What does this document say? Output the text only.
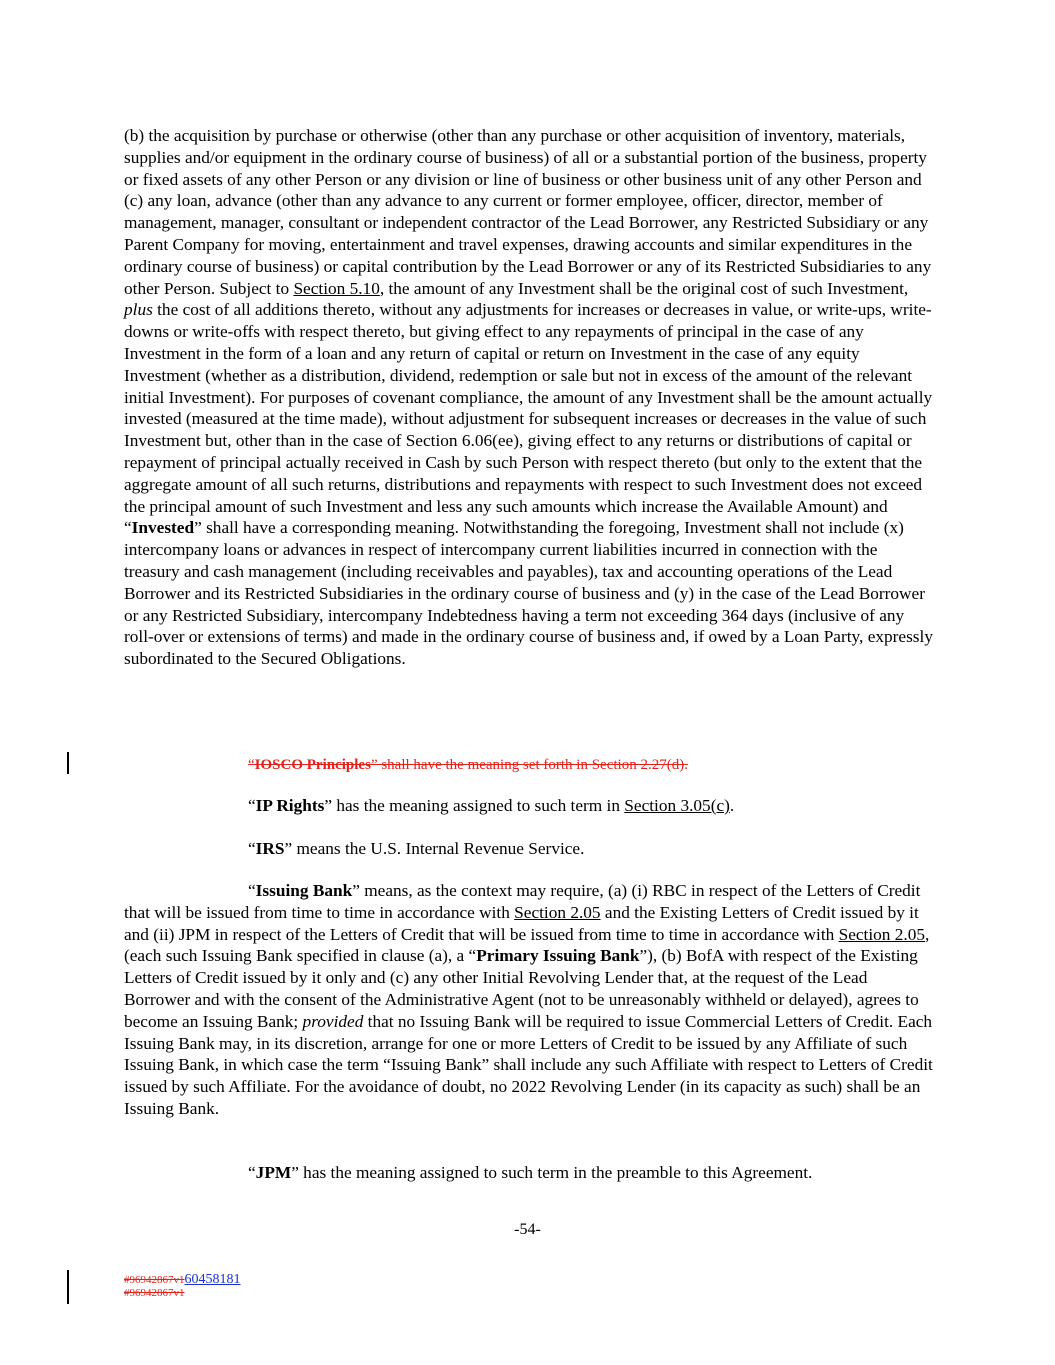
(b) the acquisition by purchase or otherwise (other than any purchase or other acquisition of inventory, materials, supplies and/or equipment in the ordinary course of business) of all or a substantial portion of the business, property or fixed assets of any other Person or any division or line of business or other business unit of any other Person and (c) any loan, advance (other than any advance to any current or former employee, officer, director, member of management, manager, consultant or independent contractor of the Lead Borrower, any Restricted Subsidiary or any Parent Company for moving, entertainment and travel expenses, drawing accounts and similar expenditures in the ordinary course of business) or capital contribution by the Lead Borrower or any of its Restricted Subsidiaries to any other Person. Subject to Section 5.10, the amount of any Investment shall be the original cost of such Investment, plus the cost of all additions thereto, without any adjustments for increases or decreases in value, or write-ups, write-downs or write-offs with respect thereto, but giving effect to any repayments of principal in the case of any Investment in the form of a loan and any return of capital or return on Investment in the case of any equity Investment (whether as a distribution, dividend, redemption or sale but not in excess of the amount of the relevant initial Investment). For purposes of covenant compliance, the amount of any Investment shall be the amount actually invested (measured at the time made), without adjustment for subsequent increases or decreases in the value of such Investment but, other than in the case of Section 6.06(ee), giving effect to any returns or distributions of capital or repayment of principal actually received in Cash by such Person with respect thereto (but only to the extent that the aggregate amount of all such returns, distributions and repayments with respect to such Investment does not exceed the principal amount of such Investment and less any such amounts which increase the Available Amount) and “Invested” shall have a corresponding meaning. Notwithstanding the foregoing, Investment shall not include (x) intercompany loans or advances in respect of intercompany current liabilities incurred in connection with the treasury and cash management (including receivables and payables), tax and accounting operations of the Lead Borrower and its Restricted Subsidiaries in the ordinary course of business and (y) in the case of the Lead Borrower or any Restricted Subsidiary, intercompany Indebtedness having a term not exceeding 364 days (inclusive of any roll-over or extensions of terms) and made in the ordinary course of business and, if owed by a Loan Party, expressly subordinated to the Secured Obligations.
“IOSCO Principles” shall have the meaning set forth in Section 2.27(d).
“IP Rights” has the meaning assigned to such term in Section 3.05(c).
“IRS” means the U.S. Internal Revenue Service.
“Issuing Bank” means, as the context may require, (a) (i) RBC in respect of the Letters of Credit that will be issued from time to time in accordance with Section 2.05 and the Existing Letters of Credit issued by it and (ii) JPM in respect of the Letters of Credit that will be issued from time to time in accordance with Section 2.05, (each such Issuing Bank specified in clause (a), a “Primary Issuing Bank”), (b) BofA with respect of the Existing Letters of Credit issued by it only and (c) any other Initial Revolving Lender that, at the request of the Lead Borrower and with the consent of the Administrative Agent (not to be unreasonably withheld or delayed), agrees to become an Issuing Bank; provided that no Issuing Bank will be required to issue Commercial Letters of Credit. Each Issuing Bank may, in its discretion, arrange for one or more Letters of Credit to be issued by any Affiliate of such Issuing Bank, in which case the term “Issuing Bank” shall include any such Affiliate with respect to Letters of Credit issued by such Affiliate. For the avoidance of doubt, no 2022 Revolving Lender (in its capacity as such) shall be an Issuing Bank.
“JPM” has the meaning assigned to such term in the preamble to this Agreement.
-54-
#96942867v160458181
#96942867v1
